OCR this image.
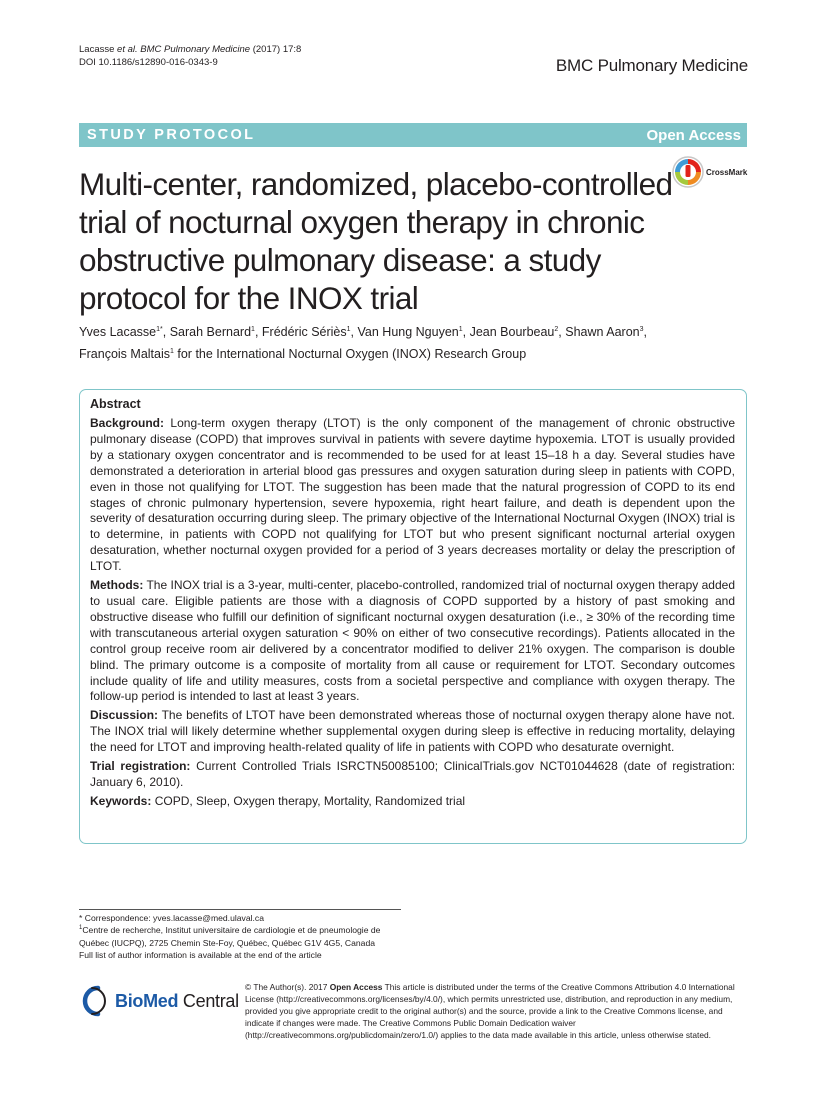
Lacasse et al. BMC Pulmonary Medicine (2017) 17:8
DOI 10.1186/s12890-016-0343-9	BMC Pulmonary Medicine
STUDY PROTOCOL	Open Access
Multi-center, randomized, placebo-controlled trial of nocturnal oxygen therapy in chronic obstructive pulmonary disease: a study protocol for the INOX trial
CrossMark
Yves Lacasse$^{1*}$, Sarah Bernard$^1$, Frédéric Sériès$^1$, Van Hung Nguyen$^1$, Jean Bourbeau$^2$, Shawn Aaron$^3$,
François Maltais$^1$ for the International Nocturnal Oxygen (INOX) Research Group
Abstract

Background: Long-term oxygen therapy (LTOT) is the only component of the management of chronic obstructive pulmonary disease (COPD) that improves survival in patients with severe daytime hypoxemia. LTOT is usually provided by a stationary oxygen concentrator and is recommended to be used for at least 15–18 h a day. Several studies have demonstrated a deterioration in arterial blood gas pressures and oxygen saturation during sleep in patients with COPD, even in those not qualifying for LTOT. The suggestion has been made that the natural progression of COPD to its end stages of chronic pulmonary hypertension, severe hypoxemia, right heart failure, and death is dependent upon the severity of desaturation occurring during sleep. The primary objective of the International Nocturnal Oxygen (INOX) trial is to determine, in patients with COPD not qualifying for LTOT but who present significant nocturnal arterial oxygen desaturation, whether nocturnal oxygen provided for a period of 3 years decreases mortality or delay the prescription of LTOT.

Methods: The INOX trial is a 3-year, multi-center, placebo-controlled, randomized trial of nocturnal oxygen therapy added to usual care. Eligible patients are those with a diagnosis of COPD supported by a history of past smoking and obstructive disease who fulfill our definition of significant nocturnal oxygen desaturation (i.e., ≥ 30% of the recording time with transcutaneous arterial oxygen saturation < 90% on either of two consecutive recordings). Patients allocated in the control group receive room air delivered by a concentrator modified to deliver 21% oxygen. The comparison is double blind. The primary outcome is a composite of mortality from all cause or requirement for LTOT. Secondary outcomes include quality of life and utility measures, costs from a societal perspective and compliance with oxygen therapy. The follow-up period is intended to last at least 3 years.

Discussion: The benefits of LTOT have been demonstrated whereas those of nocturnal oxygen therapy alone have not. The INOX trial will likely determine whether supplemental oxygen during sleep is effective in reducing mortality, delaying the need for LTOT and improving health-related quality of life in patients with COPD who desaturate overnight.

Trial registration: Current Controlled Trials ISRCTN50085100; ClinicalTrials.gov NCT01044628 (date of registration: January 6, 2010).

Keywords: COPD, Sleep, Oxygen therapy, Mortality, Randomized trial

* Correspondence: yves.lacasse@med.ulaval.ca
$^1$Centre de recherche, Institut universitaire de cardiologie et de pneumologie de Québec (IUCPQ), 2725 Chemin Ste-Foy, Québec, Québec G1V 4G5, Canada
Full list of author information is available at the end of the article
BioMed Central
© The Author(s). 2017 Open Access This article is distributed under the terms of the Creative Commons Attribution 4.0 International License (http://creativecommons.org/licenses/by/4.0/), which permits unrestricted use, distribution, and reproduction in any medium, provided you give appropriate credit to the original author(s) and the source, provide a link to the Creative Commons license, and indicate if changes were made. The Creative Commons Public Domain Dedication waiver (http://creativecommons.org/publicdomain/zero/1.0/) applies to the data made available in this article, unless otherwise stated.
